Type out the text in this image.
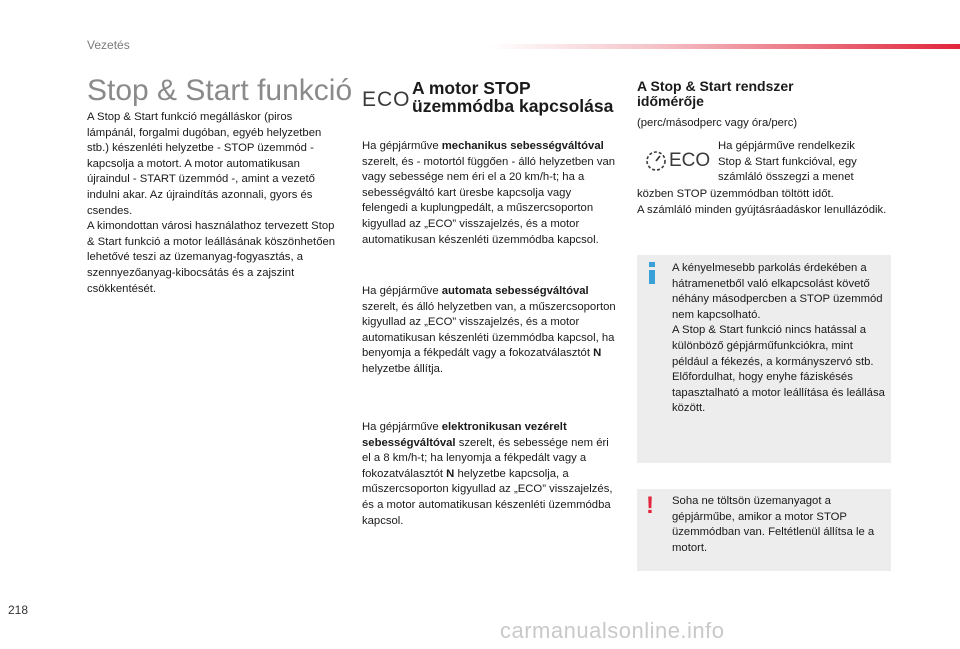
Vezetés
Stop & Start funkció
A Stop & Start funkció megálláskor (piros lámpánál, forgalmi dugóban, egyéb helyzetben stb.) készenléti helyzetbe - STOP üzemmód - kapcsolja a motort. A motor automatikusan újraindul - START üzemmód -, amint a vezető indulni akar. Az újraindítás azonnali, gyors és csendes.
A kimondottan városi használathoz tervezett Stop & Start funkció a motor leállásának köszönhetően lehetővé teszi az üzemanyag-fogyasztás, a szennyezőanyag-kibocsátás és a zajszint csökkentését.
ECO A motor STOP
üzemmódba kapcsolása
Ha gépjárműve mechanikus sebességváltóval szerelt, és - motortól függően - álló helyzetben van vagy sebessége nem éri el a 20 km/h-t; ha a sebességváltó kart üresbe kapcsolja vagy felengedi a kuplungpedált, a műszercsoporton kigyullad az „ECO” visszajelzés, és a motor automatikusan készenléti üzemmódba kapcsol.
Ha gépjárműve automata sebességváltóval szerelt, és álló helyzetben van, a műszercsoporton kigyullad az „ECO” visszajelzés, és a motor automatikusan készenléti üzemmódba kapcsol, ha benyomja a fékpedált vagy a fokozatválasztót N helyzetbe állítja.
Ha gépjárműve elektronikusan vezérelt sebességváltóval szerelt, és sebessége nem éri el a 8 km/h-t; ha lenyomja a fékpedált vagy a fokozatválasztót N helyzetbe kapcsolja, a műszercsoporton kigyullad az „ECO” visszajelzés, és a motor automatikusan készenléti üzemmódba kapcsol.
A Stop & Start rendszer
időmérője
(perc/másodperc vagy óra/perc)
ECO
Ha gépjárműve rendelkezik Stop & Start funkcióval, egy számláló összegzi a menet
közben STOP üzemmódban töltött időt.
A számláló minden gyújtásráadáskor lenullázódik.
A kényelmesebb parkolás érdekében a hátramenetből való elkapcsolást követő néhány másodpercben a STOP üzemmód nem kapcsolható.
A Stop & Start funkció nincs hatással a különböző gépjárműfunkciókra, mint például a fékezés, a kormányszervó stb.
Előfordulhat, hogy enyhe fáziskésés tapasztalható a motor leállítása és leállása között.
! Soha ne töltsön üzemanyagot a gépjárműbe, amikor a motor STOP üzemmódban van. Feltétlenül állítsa le a motort.
218
carmanualsonline.info
